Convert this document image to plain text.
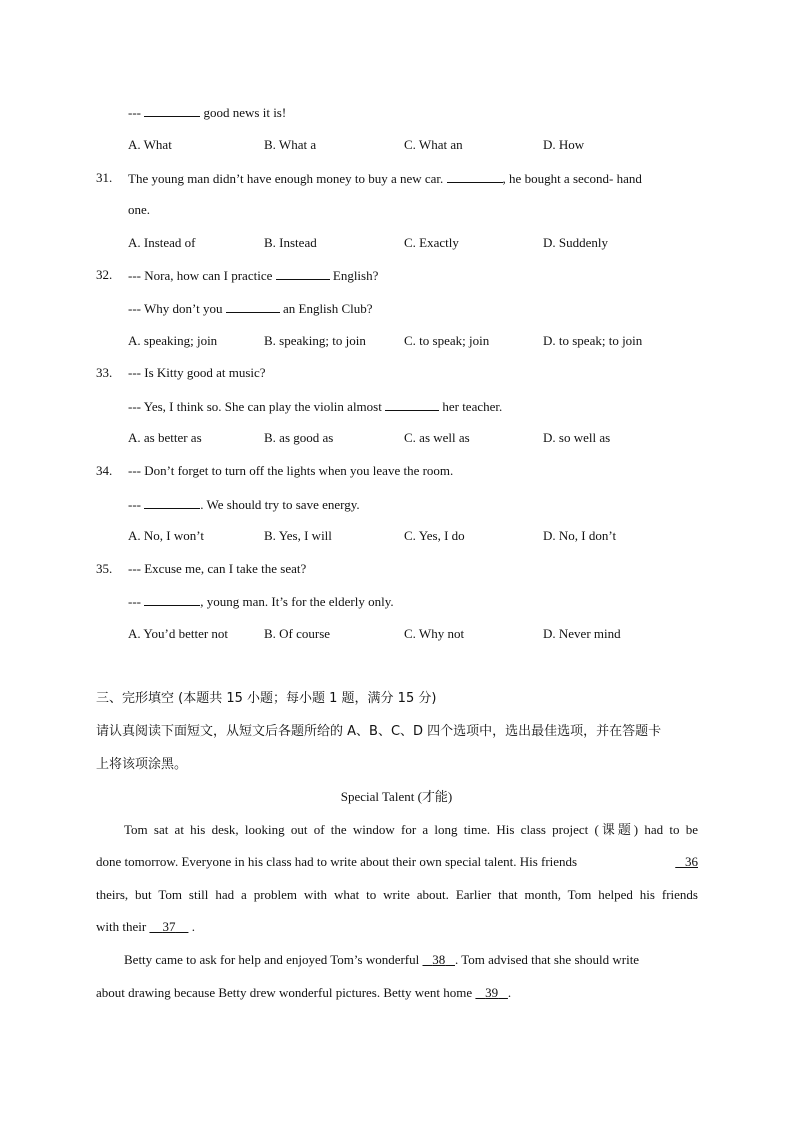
---	good news it is!
A. What	B. What a	C. What an	D. How
31. The young man didn’t have enough money to buy a new car.	, he bought a second- hand
one.
A. Instead of	B. Instead	C. Exactly	D. Suddenly
32. --- Nora, how can I practice	English?
--- Why don’t you	an English Club?
A. speaking; join	B. speaking; to join	C. to speak; join	D. to speak; to join
33. --- Is Kitty good at music?
--- Yes, I think so. She can play the violin almost	her teacher.
A. as better as	B. as good as	C. as well as	D. so well as
34. --- Don’t forget to turn off the lights when you leave the room.
---	. We should try to save energy.
A. No, I won’t	B. Yes, I will	C. Yes, I do	D. No, I don’t
35. --- Excuse me, can I take the seat?
---	, young man. It’s for the elderly only.
A. You’d better not	B. Of course	C. Why not	D. Never mind
三、完形填空 (本题共 15 小题；每小题 1 题，满分 15 分)
请认真阅读下面短文，从短文后各题所给的 A、B、C、D 四个选项中，选出最佳选项，并在答题卡
上将该项涂黑。
Special Talent (才能)
Tom sat at his desk, looking out of the window for a long time. His class project (课题) had to be
done tomorrow. Everyone in his class had to write about their own special talent. His friends	36
theirs, but Tom still had a problem with what to write about. Earlier that month, Tom helped his friends
with their 37 .
Betty came to ask for help and enjoyed Tom’s wonderful 38 . Tom advised that she should write
about drawing because Betty drew wonderful pictures. Betty went home 39 .
